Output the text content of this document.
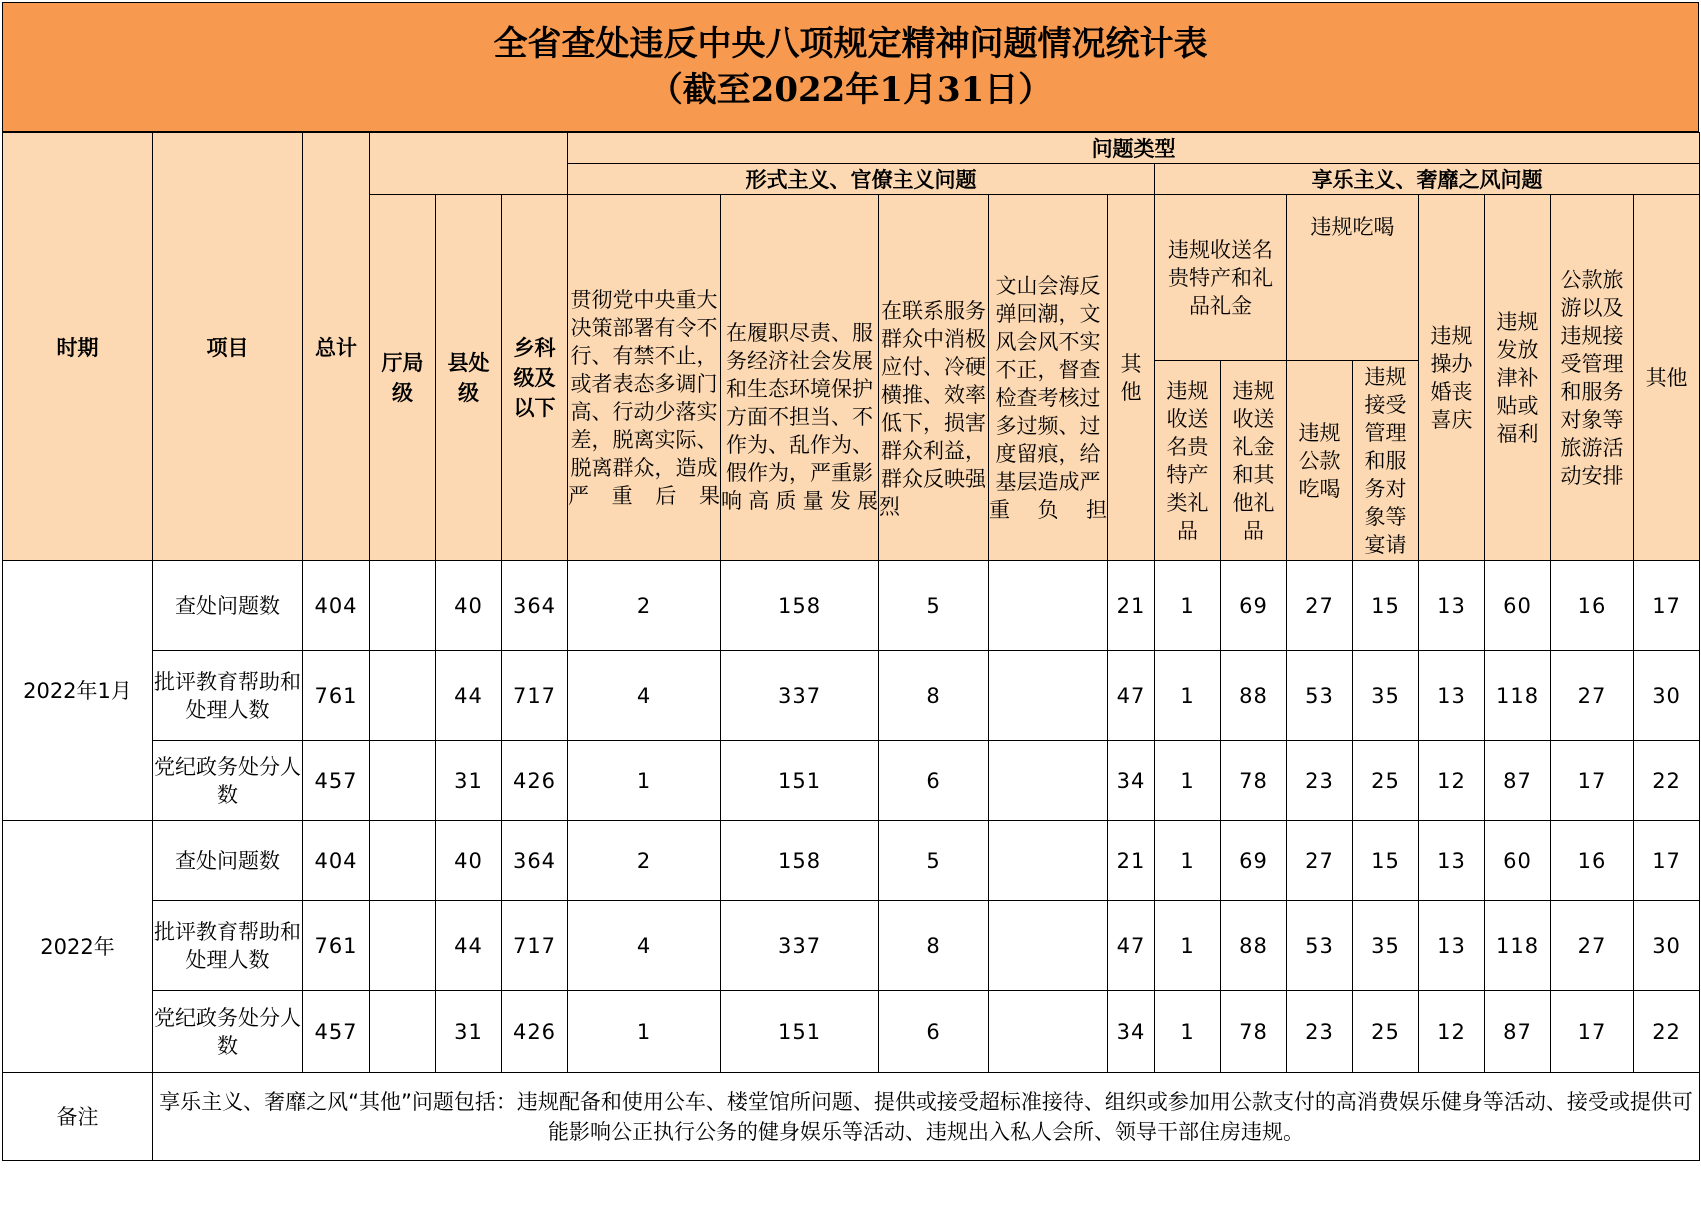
全省查处违反中央八项规定精神问题情况统计表
（截至2022年1月31日）
时期	项目	总计				问题类型												
						形式主义、官僚主义问题					享乐主义、奢靡之风问题							

			厅局级	县处级	乡科级及以下	贯彻党中央重大决策部署有令不行、有禁不止，或者表态多调门高、行动少落实差，脱离实际、脱离群众，造成严重后果	在履职尽责、服务经济社会发展和生态环境保护方面不担当、不作为、乱作为、假作为，严重影响高质量发展	在联系服务群众中消极应付、冷硬横推、效率低下，损害群众利益，群众反映强烈	文山会海反弹回潮，文风会风不实不正，督查检查考核过多过频、过度留痕，给基层造成严重负担	其他	违规收送名贵特产和礼品礼金		违规吃喝		违规操办婚丧喜庆	违规发放津补贴或福利	公款旅游以及违规接受管理和服务对象等旅游活动安排	其他

											违规收送名贵特产类礼品	违规收送礼金和其他礼品	违规公款吃喝	违规接受管理和服务对象等宴请				

2022年1月	查处问题数	404		40	364	2	158	5		21	1	69	27	15	13	60	16	17
	批评教育帮助和处理人数	761		44	717	4	337	8		47	1	88	53	35	13	118	27	30
	党纪政务处分人数	457		31	426	1	151	6		34	1	78	23	25	12	87	17	22
2022年	查处问题数	404		40	364	2	158	5		21	1	69	27	15	13	60	16	17
	批评教育帮助和处理人数	761		44	717	4	337	8		47	1	88	53	35	13	118	27	30
	党纪政务处分人数	457		31	426	1	151	6		34	1	78	23	25	12	87	17	22
备注	享乐主义、奢靡之风“其他”问题包括：违规配备和使用公车、楼堂馆所问题、提供或接受超标准接待、组织或参加用公款支付的高消费娱乐健身等活动、接受或提供可能影响公正执行公务的健身娱乐等活动、违规出入私人会所、领导干部住房违规。																	
